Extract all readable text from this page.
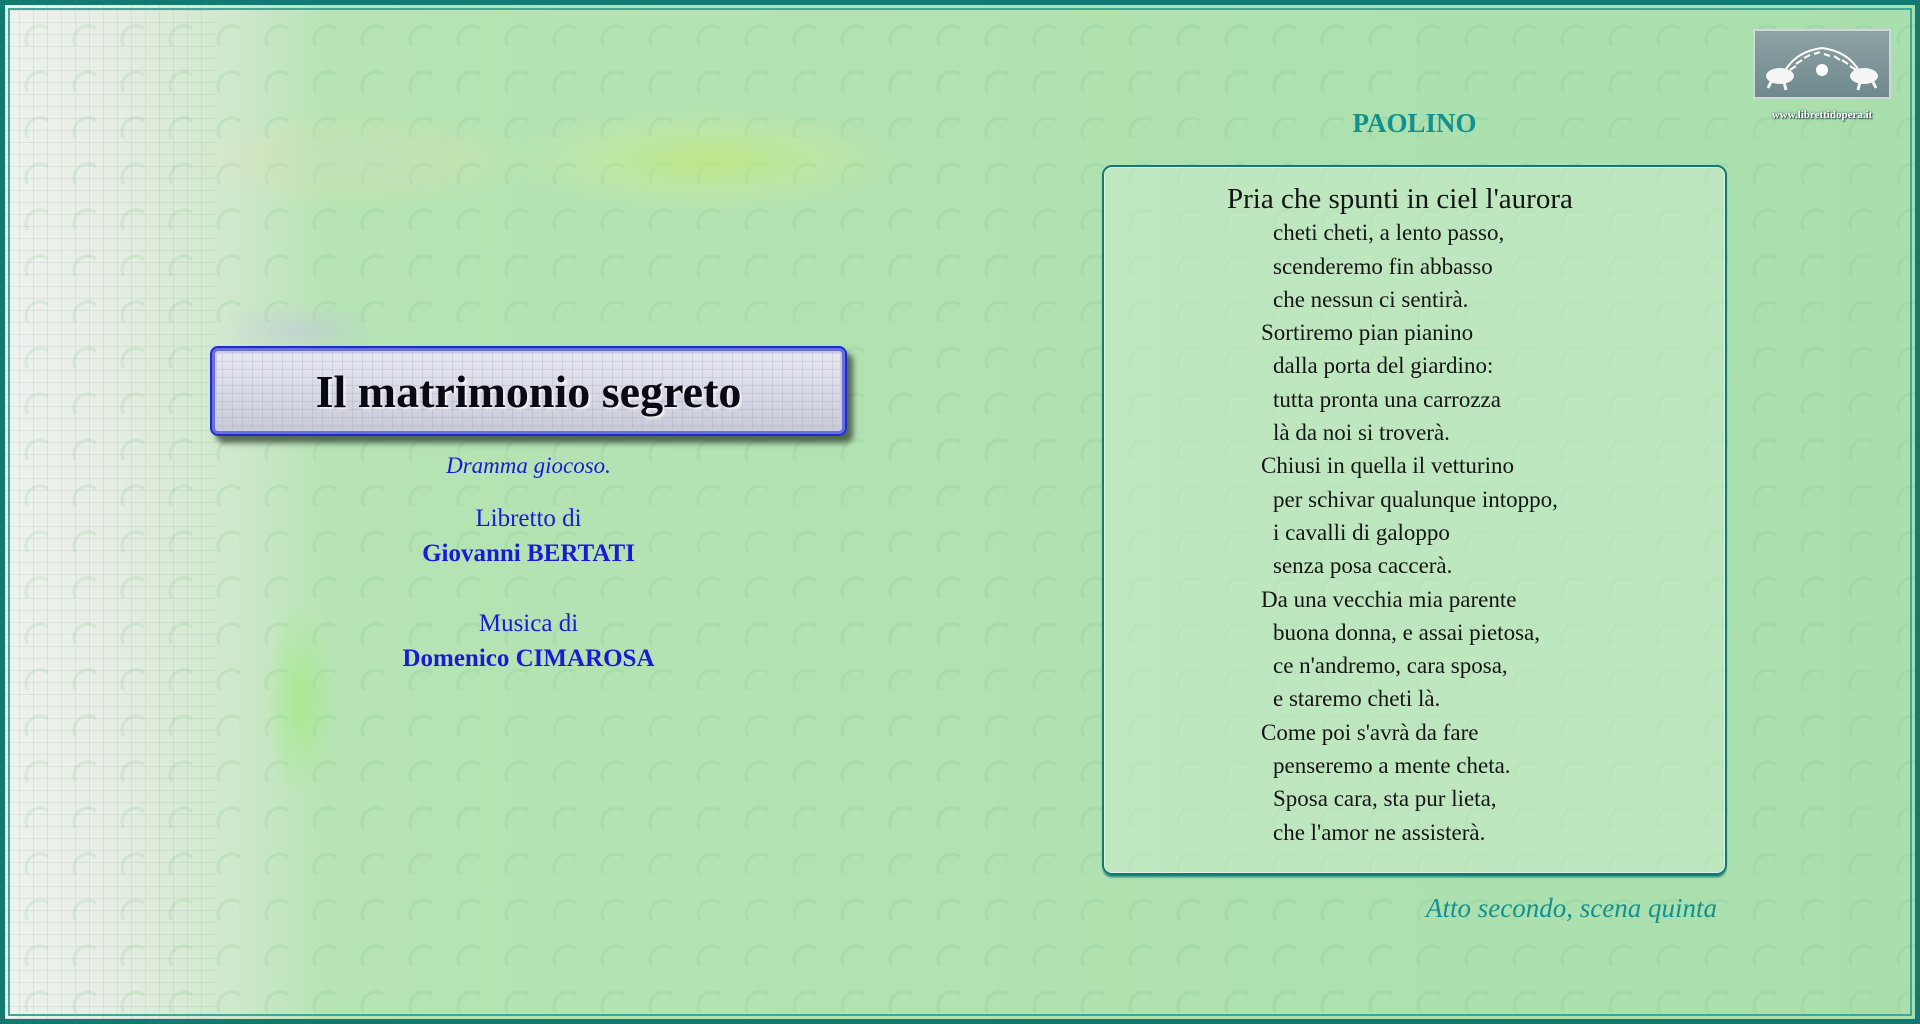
www.librettidopera.it
Il matrimonio segreto
Dramma giocoso.
Libretto di
Giovanni BERTATI
Musica di
Domenico CIMAROSA
PAOLINO
Pria che spunti in ciel l'aurora
cheti cheti, a lento passo,
scenderemo fin abbasso
che nessun ci sentirà.
Sortiremo pian pianino
dalla porta del giardino:
tutta pronta una carrozza
là da noi si troverà.
Chiusi in quella il vetturino
per schivar qualunque intoppo,
i cavalli di galoppo
senza posa caccerà.
Da una vecchia mia parente
buona donna, e assai pietosa,
ce n'andremo, cara sposa,
e staremo cheti là.
Come poi s'avrà da fare
penseremo a mente cheta.
Sposa cara, sta pur lieta,
che l'amor ne assisterà.
Atto secondo, scena quinta
